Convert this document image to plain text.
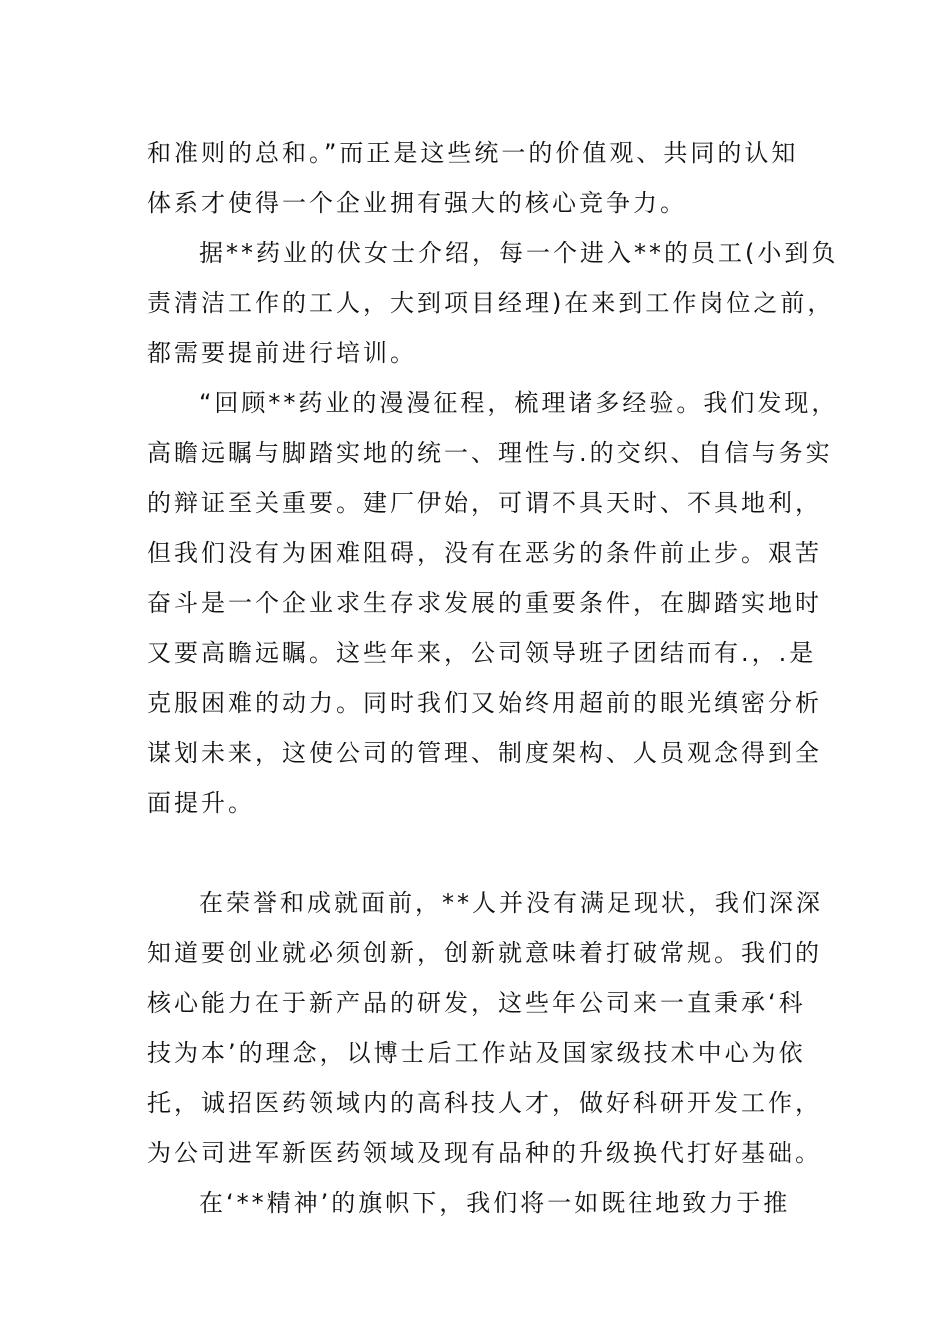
和准则的总和。”而正是这些统一的价值观、共同的认知
体系才使得一个企业拥有强大的核心竞争力。
据**药业的伏女士介绍，每一个进入**的员工(小到负
责清洁工作的工人，大到项目经理)在来到工作岗位之前，
都需要提前进行培训。
“回顾**药业的漫漫征程，梳理诸多经验。我们发现，
高瞻远瞩与脚踏实地的统一、理性与.的交织、自信与务实
的辩证至关重要。建厂伊始，可谓不具天时、不具地利，
但我们没有为困难阻碍，没有在恶劣的条件前止步。艰苦
奋斗是一个企业求生存求发展的重要条件，在脚踏实地时
又要高瞻远瞩。这些年来，公司领导班子团结而有.，.是
克服困难的动力。同时我们又始终用超前的眼光缜密分析
谋划未来，这使公司的管理、制度架构、人员观念得到全
面提升。
在荣誉和成就面前，**人并没有满足现状，我们深深
知道要创业就必须创新，创新就意味着打破常规。我们的
核心能力在于新产品的研发，这些年公司来一直秉承‘科
技为本’的理念，以博士后工作站及国家级技术中心为依
托，诚招医药领域内的高科技人才，做好科研开发工作，
为公司进军新医药领域及现有品种的升级换代打好基础。
在‘**精神’的旗帜下，我们将一如既往地致力于推
